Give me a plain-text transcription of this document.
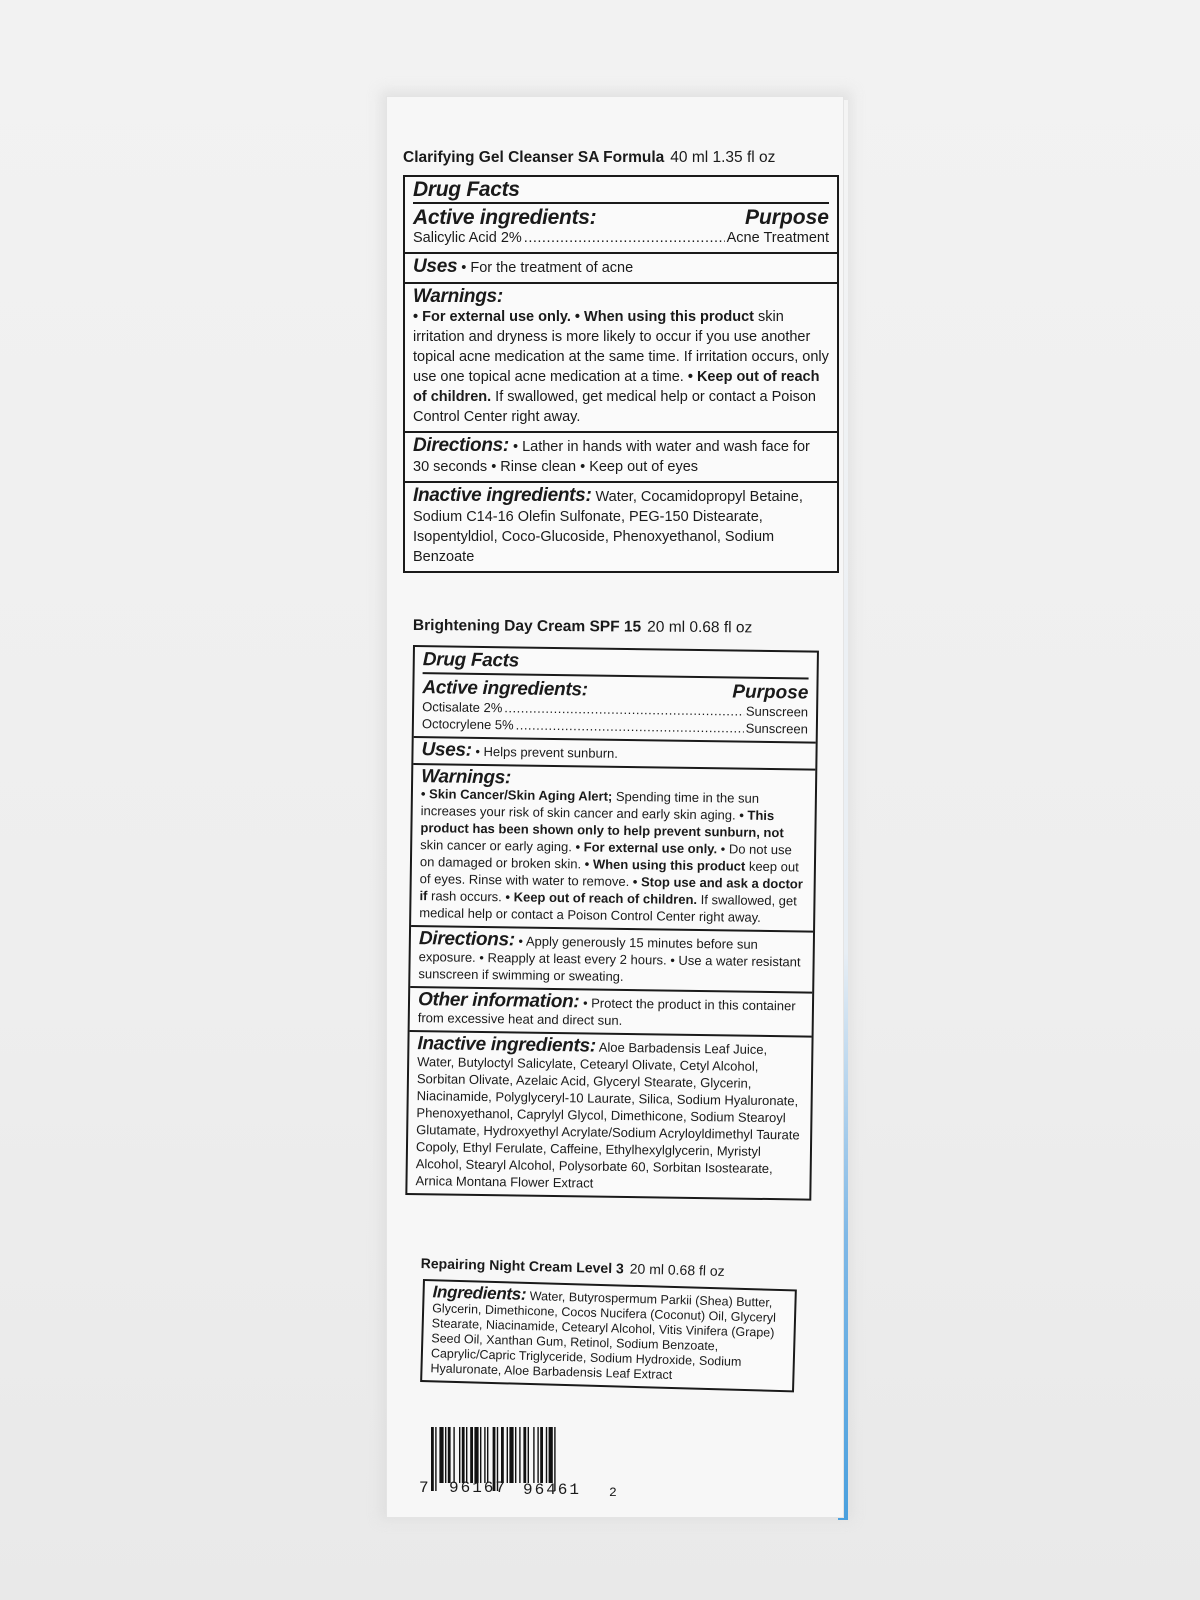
Clarifying Gel Cleanser SA Formula 40 ml 1.35 fl oz
Drug Facts
Active ingredients:	Purpose
Salicylic Acid 2% .....	Acne Treatment
Uses • For the treatment of acne
Warnings:
• For external use only. • When using this product skin irritation and dryness is more likely to occur if you use another topical acne medication at the same time. If irritation occurs, only use one topical acne medication at a time. • Keep out of reach of children. If swallowed, get medical help or contact a Poison Control Center right away.
Directions: • Lather in hands with water and wash face for 30 seconds • Rinse clean • Keep out of eyes
Inactive ingredients: Water, Cocamidopropyl Betaine, Sodium C14-16 Olefin Sulfonate, PEG-150 Distearate, Isopentyldiol, Coco-Glucoside, Phenoxyethanol, Sodium Benzoate
Brightening Day Cream SPF 15 20 ml 0.68 fl oz
Drug Facts
Active ingredients:	Purpose
Octisalate 2% .....	Sunscreen
Octocrylene 5% .....	Sunscreen
Uses: • Helps prevent sunburn.
Warnings:
• Skin Cancer/Skin Aging Alert; Spending time in the sun increases your risk of skin cancer and early skin aging. • This product has been shown only to help prevent sunburn, not skin cancer or early aging. • For external use only. • Do not use on damaged or broken skin. • When using this product keep out of eyes. Rinse with water to remove. • Stop use and ask a doctor if rash occurs. • Keep out of reach of children. If swallowed, get medical help or contact a Poison Control Center right away.
Directions: • Apply generously 15 minutes before sun exposure. • Reapply at least every 2 hours. • Use a water resistant sunscreen if swimming or sweating.
Other information: • Protect the product in this container from excessive heat and direct sun.
Inactive ingredients: Aloe Barbadensis Leaf Juice, Water, Butyloctyl Salicylate, Cetearyl Olivate, Cetyl Alcohol, Sorbitan Olivate, Azelaic Acid, Glyceryl Stearate, Glycerin, Niacinamide, Polyglyceryl-10 Laurate, Silica, Sodium Hyaluronate, Phenoxyethanol, Caprylyl Glycol, Dimethicone, Sodium Stearoyl Glutamate, Hydroxyethyl Acrylate/Sodium Acryloyldimethyl Taurate Copoly, Ethyl Ferulate, Caffeine, Ethylhexylglycerin, Myristyl Alcohol, Stearyl Alcohol, Polysorbate 60, Sorbitan Isostearate, Arnica Montana Flower Extract
Repairing Night Cream Level 3 20 ml 0.68 fl oz
Ingredients: Water, Butyrospermum Parkii (Shea) Butter, Glycerin, Dimethicone, Cocos Nucifera (Coconut) Oil, Glyceryl Stearate, Niacinamide, Cetearyl Alcohol, Vitis Vinifera (Grape) Seed Oil, Xanthan Gum, Retinol, Sodium Benzoate, Caprylic/Capric Triglyceride, Sodium Hydroxide, Sodium Hyaluronate, Aloe Barbadensis Leaf Extract
7 96167 96461 2
